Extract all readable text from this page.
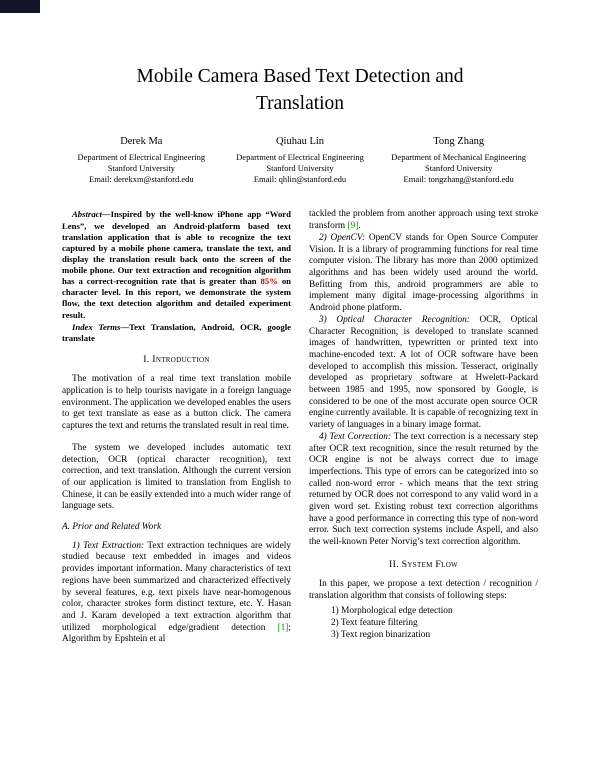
Mobile Camera Based Text Detection and
Translation
Derek Ma
Department of Electrical Engineering
Stanford University
Email: derekxm@stanford.edu
Qiuhau Lin
Department of Electrical Engineering
Stanford University
Email: qhlin@stanford.edu
Tong Zhang
Department of Mechanical Engineering
Stanford University
Email: tongzhang@stanford.edu

Abstract—Inspired by the well-know iPhone app “Word Lens”, we developed an Android-platform based text translation application that is able to recognize the text captured by a mobile phone camera, translate the text, and display the translation result back onto the screen of the mobile phone. Our text extraction and recognition algorithm has a correct-recognition rate that is greater than 85% on character level. In this report, we demonstrate the system flow, the text detection algorithm and detailed experiment result.

Index Terms—Text Translation, Android, OCR, google translate

I. Introduction

The motivation of a real time text translation mobile application is to help tourists navigate in a foreign language environment. The application we developed enables the users to get text translate as ease as a button click. The camera captures the text and returns the translated result in real time.

The system we developed includes automatic text detection, OCR (optical character recognition), text correction, and text translation. Although the current version of our application is limited to translation from English to Chinese, it can be easily extended into a much wider range of language sets.

A. Prior and Related Work

1) Text Extraction: Text extraction techniques are widely studied because text embedded in images and videos provides important information. Many characteristics of text regions have been summarized and characterized effectively by several features, e.g. text pixels have near-homogenous color, character strokes form distinct texture, etc. Y. Hasan and J. Karam developed a text extraction algorithm that utilized morphological edge/gradient detection [1]; Algorithm by Epshtein et al

tackled the problem from another approach using text stroke transform [9].

2) OpenCV: OpenCV stands for Open Source Computer Vision. It is a library of programming functions for real time computer vision. The library has more than 2000 optimized algorithms and has been widely used around the world. Befitting from this, android programmers are able to implement many digital image-processing algorithms in Android phone platform.

3) Optical Character Recognition: OCR, Optical Character Recognition, is developed to translate scanned images of handwritten, typewritten or printed text into machine-encoded text. A lot of OCR software have been developed to accomplish this mission. Tesseract, originally developed as proprietary software at Hwelett-Packard between 1985 and 1995, now sponsored by Google, is considered to be one of the most accurate open source OCR engine currently available. It is capable of recognizing text in variety of languages in a binary image format.

4) Text Correction: The text correction is a necessary step after OCR text recognition, since the result returned by the OCR engine is not be always correct due to image imperfections. This type of errors can be categorized into so called non-word error - which means that the text string returned by OCR does not correspond to any valid word in a given word set. Existing robust text correction algorithms have a good performance in correcting this type of non-word error. Such text correction systems include Aspell, and also the well-known Peter Norvig’s text correction algorithm.

II. System Flow

In this paper, we propose a text detection / recognition / translation algorithm that consists of following steps:

1) Morphological edge detection
2) Text feature filtering
3) Text region binarization
